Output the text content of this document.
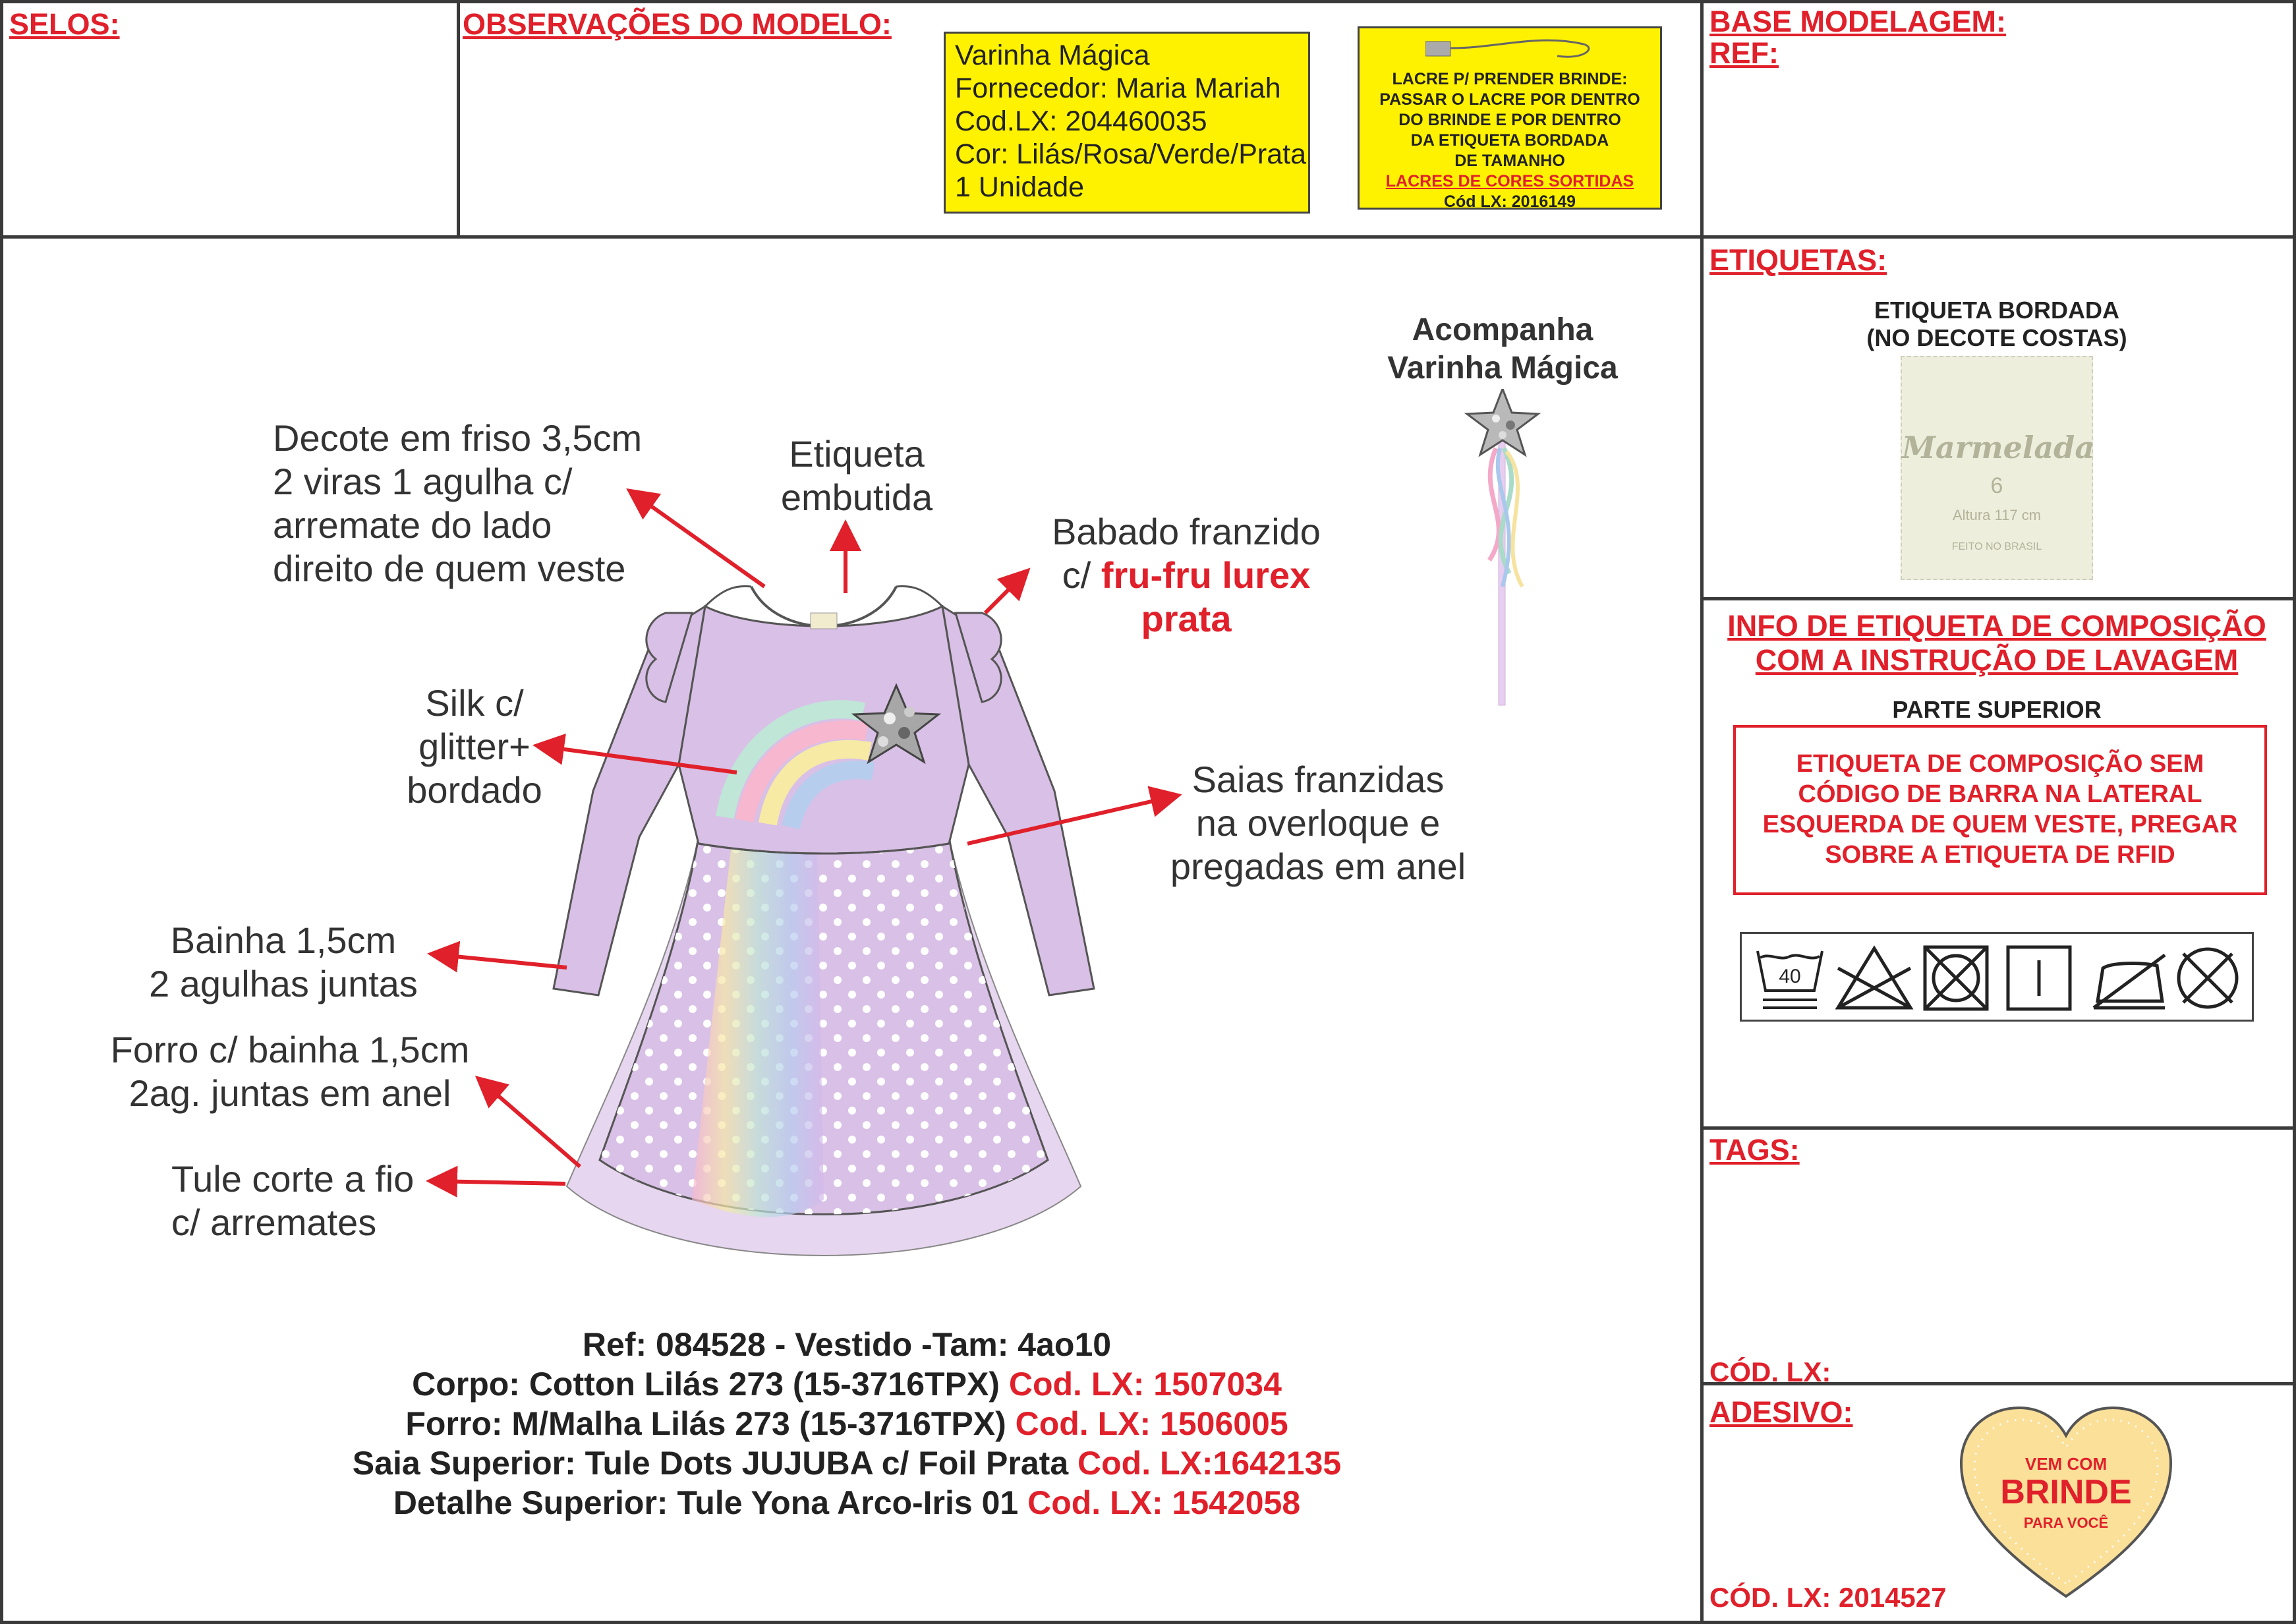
SELOS:	OBSERVAÇÕES DO MODELO:
Varinha Mágica
Fornecedor: Maria Mariah
Cod.LX: 204460035
Cor: Lilás/Rosa/Verde/Prata
1 Unidade
LACRE P/ PRENDER BRINDE:
PASSAR O LACRE POR DENTRO
DO BRINDE E POR DENTRO
DA ETIQUETA BORDADA
DE TAMANHO
LACRES DE CORES SORTIDAS
Cód LX: 2016149
BASE MODELAGEM:
REF:
Acompanha
Varinha Mágica
Decote em friso 3,5cm
2 viras 1 agulha c/
arremate do lado
direito de quem veste
Etiqueta
embutida
Babado franzido
c/ fru-fru lurex
prata
Silk c/
glitter+
bordado	Saias franzidas
na overloque e
pregadas em anel
Bainha 1,5cm
2 agulhas juntas
Forro c/ bainha 1,5cm
2ag. juntas em anel
Tule corte a fio
c/ arremates
Ref: 084528 - Vestido -Tam: 4ao10
Corpo: Cotton Lilás 273 (15-3716TPX) Cod. LX: 1507034
Forro: M/Malha Lilás 273 (15-3716TPX) Cod. LX: 1506005
Saia Superior: Tule Dots JUJUBA c/ Foil Prata Cod. LX:1642135
Detalhe Superior: Tule Yona Arco-Iris 01 Cod. LX: 1542058
ETIQUETAS:
ETIQUETA BORDADA
(NO DECOTE COSTAS)
Marmelada
6
Altura 117 cm
FEITO NO BRASIL
INFO DE ETIQUETA DE COMPOSIÇÃO
COM A INSTRUÇÃO DE LAVAGEM
PARTE SUPERIOR
ETIQUETA DE COMPOSIÇÃO SEM
CÓDIGO DE BARRA NA LATERAL
ESQUERDA DE QUEM VESTE, PREGAR
SOBRE A ETIQUETA DE RFID
40
TAGS:
CÓD. LX:
ADESIVO:
VEM COM
BRINDE
PARA VOCÊ
CÓD. LX: 2014527
